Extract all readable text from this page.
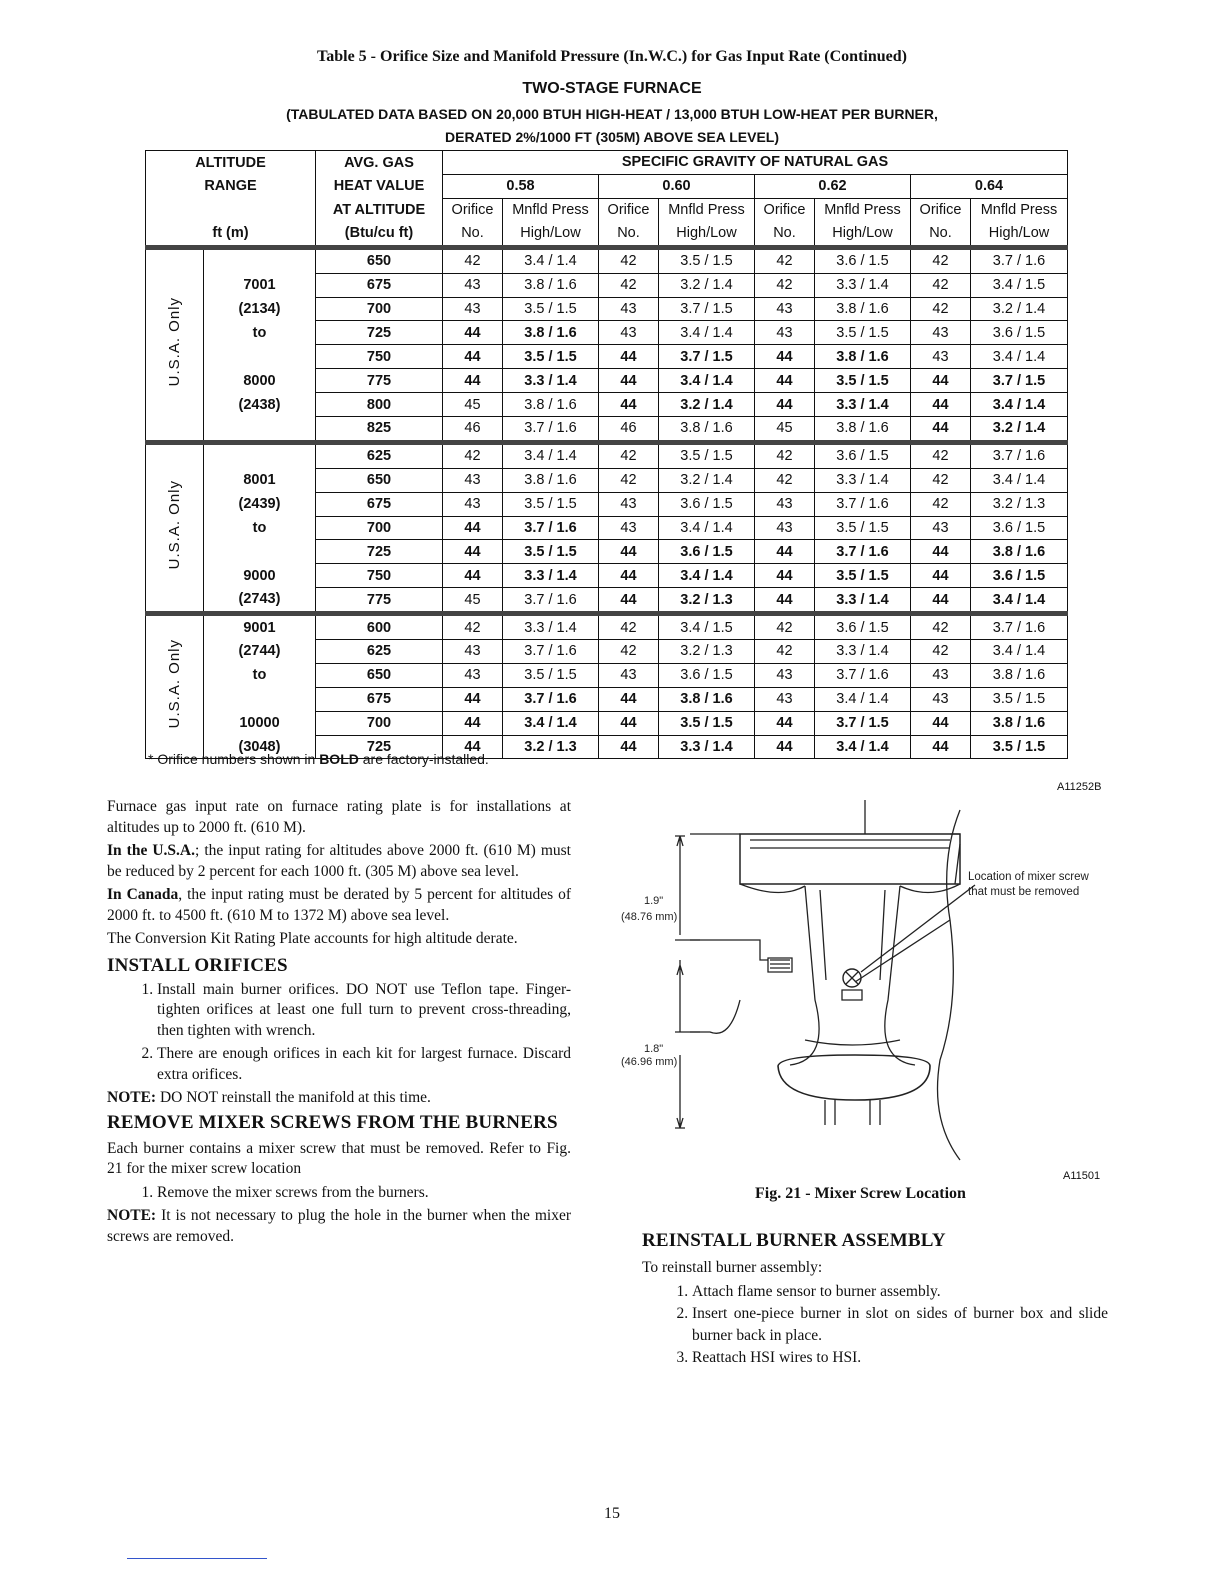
Table 5 - Orifice Size and Manifold Pressure (In.W.C.) for Gas Input Rate (Continued)
TWO-STAGE FURNACE
(TABULATED DATA BASED ON 20,000 BTUH HIGH-HEAT / 13,000 BTUH LOW-HEAT PER BURNER,
DERATED 2%/1000 FT (305M) ABOVE SEA LEVEL)
ALTITUDE		AVG. GAS	SPECIFIC GRAVITY OF NATURAL GAS							
RANGE		HEAT VALUE	0.58		0.60		0.62		0.64	
		AT ALTITUDE	Orifice	Mnfld Press	Orifice	Mnfld Press	Orifice	Mnfld Press	Orifice	Mnfld Press
ft (m)		(Btu/cu ft)	No.	High/Low	No.	High/Low	No.	High/Low	No.	High/Low
U.S.A. Only		650	42	3.4 / 1.4	42	3.5 / 1.5	42	3.6 / 1.5	42	3.7 / 1.6
	7001	675	43	3.8 / 1.6	42	3.2 / 1.4	42	3.3 / 1.4	42	3.4 / 1.5
	(2134)	700	43	3.5 / 1.5	43	3.7 / 1.5	43	3.8 / 1.6	42	3.2 / 1.4
	to	725	44	3.8 / 1.6	43	3.4 / 1.4	43	3.5 / 1.5	43	3.6 / 1.5
		750	44	3.5 / 1.5	44	3.7 / 1.5	44	3.8 / 1.6	43	3.4 / 1.4
	8000	775	44	3.3 / 1.4	44	3.4 / 1.4	44	3.5 / 1.5	44	3.7 / 1.5
	(2438)	800	45	3.8 / 1.6	44	3.2 / 1.4	44	3.3 / 1.4	44	3.4 / 1.4
		825	46	3.7 / 1.6	46	3.8 / 1.6	45	3.8 / 1.6	44	3.2 / 1.4
U.S.A. Only		625	42	3.4 / 1.4	42	3.5 / 1.5	42	3.6 / 1.5	42	3.7 / 1.6
	8001	650	43	3.8 / 1.6	42	3.2 / 1.4	42	3.3 / 1.4	42	3.4 / 1.4
	(2439)	675	43	3.5 / 1.5	43	3.6 / 1.5	43	3.7 / 1.6	42	3.2 / 1.3
	to	700	44	3.7 / 1.6	43	3.4 / 1.4	43	3.5 / 1.5	43	3.6 / 1.5
		725	44	3.5 / 1.5	44	3.6 / 1.5	44	3.7 / 1.6	44	3.8 / 1.6
	9000	750	44	3.3 / 1.4	44	3.4 / 1.4	44	3.5 / 1.5	44	3.6 / 1.5
	(2743)	775	45	3.7 / 1.6	44	3.2 / 1.3	44	3.3 / 1.4	44	3.4 / 1.4
U.S.A. Only	9001	600	42	3.3 / 1.4	42	3.4 / 1.5	42	3.6 / 1.5	42	3.7 / 1.6
	(2744)	625	43	3.7 / 1.6	42	3.2 / 1.3	42	3.3 / 1.4	42	3.4 / 1.4
	to	650	43	3.5 / 1.5	43	3.6 / 1.5	43	3.7 / 1.6	43	3.8 / 1.6
		675	44	3.7 / 1.6	44	3.8 / 1.6	43	3.4 / 1.4	43	3.5 / 1.5
	10000	700	44	3.4 / 1.4	44	3.5 / 1.5	44	3.7 / 1.5	44	3.8 / 1.6
	(3048)	725	44	3.2 / 1.3	44	3.3 / 1.4	44	3.4 / 1.4	44	3.5 / 1.5
* Orifice numbers shown in BOLD are factory-installed.
A11252B

Furnace gas input rate on furnace rating plate is for installations at altitudes up to 2000 ft. (610 M).

In the U.S.A.; the input rating for altitudes above 2000 ft. (610 M) must be reduced by 2 percent for each 1000 ft. (305 M) above sea level.

In Canada, the input rating must be derated by 5 percent for altitudes of 2000 ft. to 4500 ft. (610 M to 1372 M) above sea level.

The Conversion Kit Rating Plate accounts for high altitude derate.

INSTALL ORIFICES
1. Install main burner orifices. DO NOT use Teflon tape. Finger-tighten orifices at least one full turn to prevent cross-threading, then tighten with wrench.
2. There are enough orifices in each kit for largest furnace. Discard extra orifices.

NOTE: DO NOT reinstall the manifold at this time.

REMOVE MIXER SCREWS FROM THE BURNERS

Each burner contains a mixer screw that must be removed. Refer to Fig. 21 for the mixer screw location

1. Remove the mixer screws from the burners.

NOTE: It is not necessary to plug the hole in the burner when the mixer screws are removed.

1.9"
(48.76 mm)
1.8"
(46.96 mm)
Location of mixer screw
that must be removed
A11501
Fig. 21 - Mixer Screw Location
REINSTALL BURNER ASSEMBLY

To reinstall burner assembly:

1. Attach flame sensor to burner assembly.
2. Insert one-piece burner in slot on sides of burner box and slide burner back in place.
3. Reattach HSI wires to HSI.
15
